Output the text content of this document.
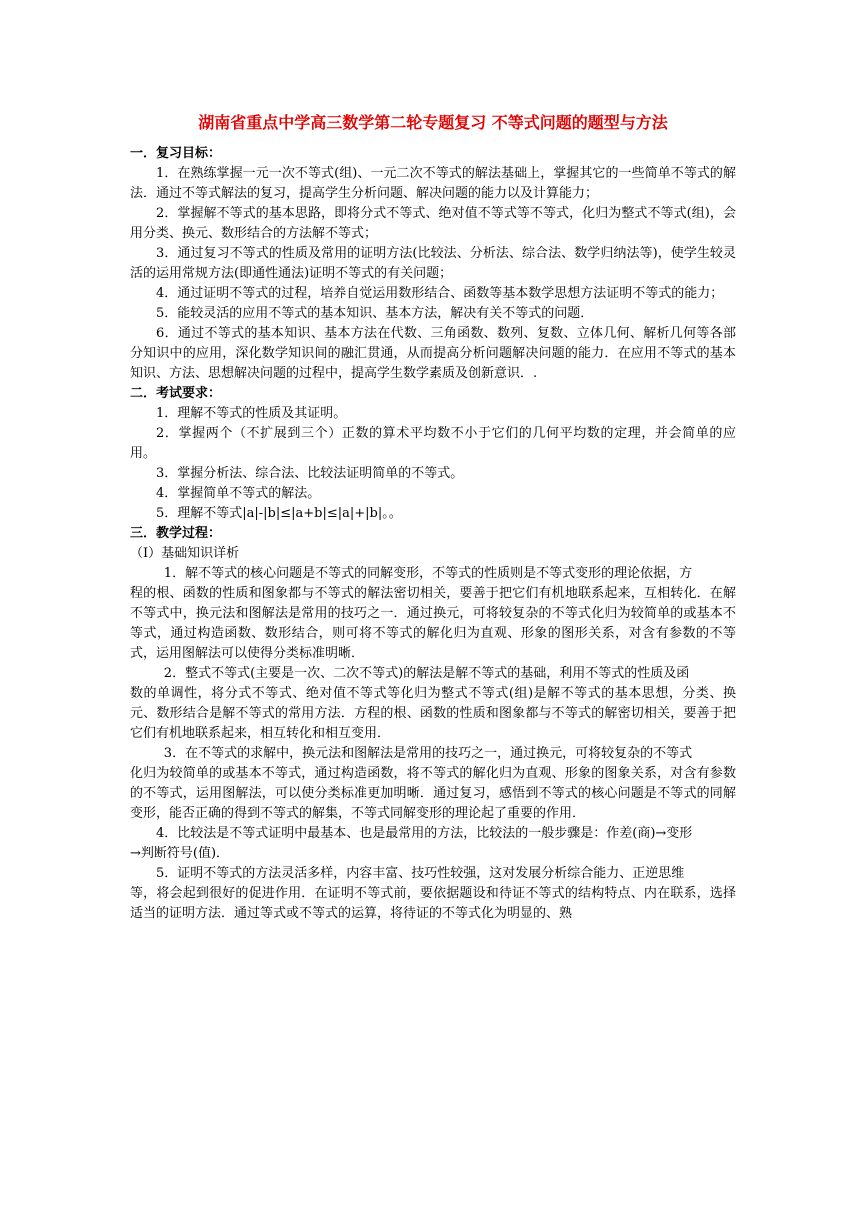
湖南省重点中学高三数学第二轮专题复习 不等式问题的题型与方法
一．复习目标：

1．在熟练掌握一元一次不等式(组)、一元二次不等式的解法基础上，掌握其它的一些简单不等式的解法．通过不等式解法的复习，提高学生分析问题、解决问题的能力以及计算能力；

2．掌握解不等式的基本思路，即将分式不等式、绝对值不等式等不等式，化归为整式不等式(组)，会用分类、换元、数形结合的方法解不等式；

3．通过复习不等式的性质及常用的证明方法(比较法、分析法、综合法、数学归纳法等)，使学生较灵活的运用常规方法(即通性通法)证明不等式的有关问题；

4．通过证明不等式的过程，培养自觉运用数形结合、函数等基本数学思想方法证明不等式的能力；

5．能较灵活的应用不等式的基本知识、基本方法，解决有关不等式的问题．

6．通过不等式的基本知识、基本方法在代数、三角函数、数列、复数、立体几何、解析几何等各部分知识中的应用，深化数学知识间的融汇贯通，从而提高分析问题解决问题的能力．在应用不等式的基本知识、方法、思想解决问题的过程中，提高学生数学素质及创新意识．.

二．考试要求：

1．理解不等式的性质及其证明。

2．掌握两个（不扩展到三个）正数的算术平均数不小于它们的几何平均数的定理，并会简单的应用。

3．掌握分析法、综合法、比较法证明简单的不等式。

4．掌握简单不等式的解法。

5．理解不等式|a|-|b|≤|a+b|≤|a|+|b|。。

三．教学过程：

（Ⅰ）基础知识详析

1．解不等式的核心问题是不等式的同解变形，不等式的性质则是不等式变形的理论依据，方

程的根、函数的性质和图象都与不等式的解法密切相关，要善于把它们有机地联系起来，互相转化．在解不等式中，换元法和图解法是常用的技巧之一．通过换元，可将较复杂的不等式化归为较简单的或基本不等式，通过构造函数、数形结合，则可将不等式的解化归为直观、形象的图形关系，对含有参数的不等式，运用图解法可以使得分类标准明晰．

2．整式不等式(主要是一次、二次不等式)的解法是解不等式的基础，利用不等式的性质及函

数的单调性，将分式不等式、绝对值不等式等化归为整式不等式(组)是解不等式的基本思想，分类、换元、数形结合是解不等式的常用方法．方程的根、函数的性质和图象都与不等式的解密切相关，要善于把它们有机地联系起来，相互转化和相互变用．

3．在不等式的求解中，换元法和图解法是常用的技巧之一，通过换元，可将较复杂的不等式

化归为较简单的或基本不等式，通过构造函数，将不等式的解化归为直观、形象的图象关系，对含有参数的不等式，运用图解法，可以使分类标准更加明晰．通过复习，感悟到不等式的核心问题是不等式的同解变形，能否正确的得到不等式的解集，不等式同解变形的理论起了重要的作用．

4．比较法是不等式证明中最基本、也是最常用的方法，比较法的一般步骤是：作差(商)→变形

→判断符号(值)．

5．证明不等式的方法灵活多样，内容丰富、技巧性较强，这对发展分析综合能力、正逆思维

等，将会起到很好的促进作用．在证明不等式前，要依据题设和待证不等式的结构特点、内在联系，选择适当的证明方法．通过等式或不等式的运算，将待证的不等式化为明显的、熟
